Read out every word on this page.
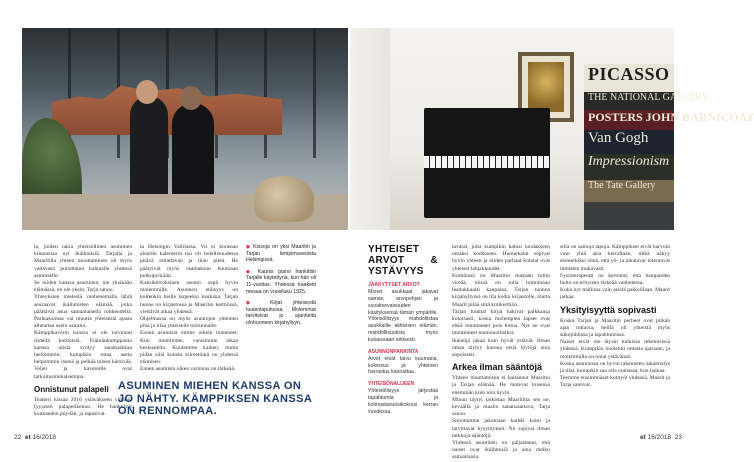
PICASSO
THE NATIONAL GALLERY
POSTERS JOHN BARNICOAT
Van Gogh
Impressionism
The Tate Gallery

ta, joiden takia yhteisöllinen asuminen kiinnostaa nyt ikäihmisiä. Tarjalla ja Maaritilla yhteen muuttaminen oli myös valtavasti puhuttanut kahtaalle yhdessä asumiselle.

Se niiden kanssa asuminen, me yksikään elämässä, en ole yksin. Tarja sanoo.

Yhteyksien mielestä vanhenemalla lähtä seuraavat ikäihmisten elämää, jotka päättävät asua samanlaisella rohkeudella. Parikaksimas vai muutta yhteisestä ajasta aiheuttaa usein sairaita.

Kämppikaverin kanssa ei ole tarvinnut riidellä kotitöistä. Elämänkumppanin kanssa niistä syntyy sanaharkkaa herkemmin, kumpikin ottaa asein helpommin itsenä ja pelkää toisen kärsivää. Veljet ja kavereille ovat tarkoitusmukaisempia.

Onnistunut palapeli

Teatteri kissaa 2016 ystäväkseen vihdoin fyysisen palapelikenno. He hankkivat kuukauden pöydän, ja tapasivat.

ta Helsingin Vallilassa. Vit ei koneaan aluerile kalenterin tuo oli todellisuudessa pitävä mitattavan ja liian pieni. He päätyivät myös osamaksun kuumaan polkupyörään.

Kaksikerroksinen asunto sopii hyvin molemmille. Asunnon etäisyys on kuitenkin heille tarpeeksi kaukana. Tarjan huone on kirjastossa ja Maaritin keittiössä, viettävät aikaa yhdessä.

Ohjelmassa on myös asuntojen yhteinen piha ja tilaa yhteiselle toiminnalle.

Ennen asumista emme oikein tunteneet. Kun muutimme, varasimme aikaa keskustella. Kuulemme kaiken, mutta pidän siitä kuinka kiireetöntä on yhdessä elämisen.

Ennen asumista oikea varmuus on tärkeää.

◆ Kissoja on yksi Maaritin ja Tarjan lempimuseoista Helsingissä.
◆ Kaunis piano hankittiin Tarjalle käytettynä, kun hän oli 11-vuotias. Yhdessä kaaketti mesaa on vuosiluku 1925.
◆ Kirjat yhteisestä tuulenlaputussa. Molemmat tarvitsivat jo ajanheitä olohuoneen kirjahyllyyn.
ASUMINEN MIEHEN KANSSA ON JO NÄHTY. KÄMPPIKSEN KANSSA ON RENNOMPAA.
YHTEISET ARVOT & YSTÄVYYS
JÄÄKYTYSET ARVOT
Monet asukkaat jakavat saman arvopohjan ja suvaitsevaisuuden käsityksensä tämän ympärille. Yhteisöllisyys mahdollistaa asukkaille aktiivisen elämän, mahdollisuuksia myös kuluessaan arkisesti.
ASUNNONPANKINTA
Arvot eivät taivu kuumana, kokemus ja yhteinen harrastus kannattaa.
YHTEISÖNALUEEN
Yhteisöllisyys järjestää tapahtumia ja kolmastavuosikokous kerran vuodessa.

tavarat, joita kumpikin halusi luodakseen omaksi kodikseen. Huonekalut sopivat hyvin yhteen ja niiden parhaat kohdat ovat yhteiset lahjakkuudet.

Kotitöissä on Maaritin mukaan tullut vireää, missä on tulla toimimaan laadukkaasti kaupassa. Tarjan tuonna kirjahyllyssä on tila kodin kirjastolle, mutta Maarit pitää siitä kotikeittiön.

Tarjan tuomat kirjat hakivat paikkansa kotoisasti, koska molempien lapset ovat ehkä muuttaneet pois kotoa. Nyt ne ovat muuttuneet nautinnollisiksi.

Ikäneljä jakaa kuin hyvät ystävät. Ilman rahaa täytyy kotona etsiä löytöjä aina sopuisasti.

Arkea ilman sääntöjä

Yhteen muuttamisen ei haitannut Maaritin ja Tarjan elämää. He tuntevat toisensa enemmän kuin niin hyvin.

Minun täytyi tarkistaa Maaritilta sen ne, keväällä ja maalis sanansaattava, Tarja sanoo.

Sitoutumme jakamaan kaikki kulut ja tarvittavat kysymykset. Ne sopivat ilman tarkkoja sääntöjä.

Yhdessä asuminen on paljastanut, että naiset ovat ikäihmisiä ja aina melko samanlaisia.

silla on samoja tapoja. Kämppikset eivät harvoin vain yhtä asia kerrallaan, mikä näkyy esimerkiksi siinä, että yö- ja aikatavat toteutuvat ihmisten mukavasti.

Fysioterapeutti on kertonut, että hampaiden hoito on erityisen tärkeää vanhetessa.

Kuka nyt mallissa vain seistä paikoillaan, Maarit jatkaa.

Yksityisyyttä sopivasti

Koska Tarjan ja Maaritin perheet ovat pitkän ajan tuttavia, heillä oli yhteistä myös sukujuhlissa ja tapahtumissa.

Naiset eivät ole täysin kaikissa tekemisissä yhdessä. Kumpikin huolehtii omasta ajastaan, ja molemmilla on omat ystävänsä.

Koska asunnossa on hyvin rakennettu äänieristys ja tilat, kumpikin saa olla rauhassa, kun haluaa.

Teemme ensimmäiset kotityöt yhdessä, Maarit ja Tarja sanovat.

22 et 16/2018	et 16/2018 23
